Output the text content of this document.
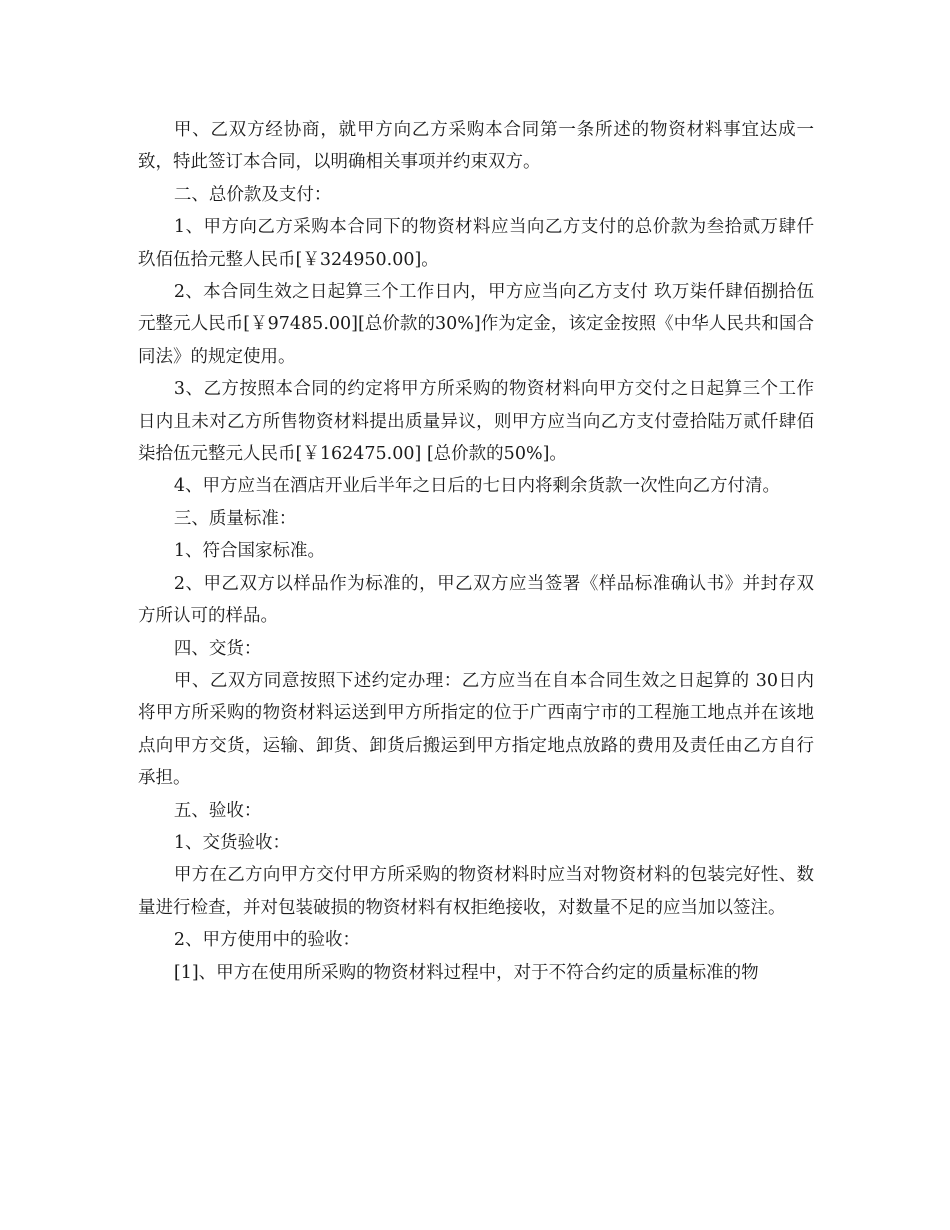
甲、乙双方经协商，就甲方向乙方采购本合同第一条所述的物资材料事宜达成一致，特此签订本合同，以明确相关事项并约束双方。

二、总价款及支付：

1、甲方向乙方采购本合同下的物资材料应当向乙方支付的总价款为叁拾贰万肆仟玖佰伍拾元整人民币[￥324950.00]。

2、本合同生效之日起算三个工作日内，甲方应当向乙方支付 玖万柒仟肆佰捌拾伍元整元人民币[￥97485.00][总价款的30%]作为定金，该定金按照《中华人民共和国合同法》的规定使用。

3、乙方按照本合同的约定将甲方所采购的物资材料向甲方交付之日起算三个工作日内且未对乙方所售物资材料提出质量异议，则甲方应当向乙方支付壹拾陆万贰仟肆佰柒拾伍元整元人民币[￥162475.00] [总价款的50%]。

4、甲方应当在酒店开业后半年之日后的七日内将剩余货款一次性向乙方付清。

三、质量标准：

1、符合国家标准。

2、甲乙双方以样品作为标准的，甲乙双方应当签署《样品标准确认书》并封存双方所认可的样品。

四、交货：

甲、乙双方同意按照下述约定办理：乙方应当在自本合同生效之日起算的 30日内将甲方所采购的物资材料运送到甲方所指定的位于广西南宁市的工程施工地点并在该地点向甲方交货，运输、卸货、卸货后搬运到甲方指定地点放路的费用及责任由乙方自行承担。

五、验收：

1、交货验收：

甲方在乙方向甲方交付甲方所采购的物资材料时应当对物资材料的包装完好性、数量进行检查，并对包装破损的物资材料有权拒绝接收，对数量不足的应当加以签注。

2、甲方使用中的验收：

[1]、甲方在使用所采购的物资材料过程中，对于不符合约定的质量标准的物
